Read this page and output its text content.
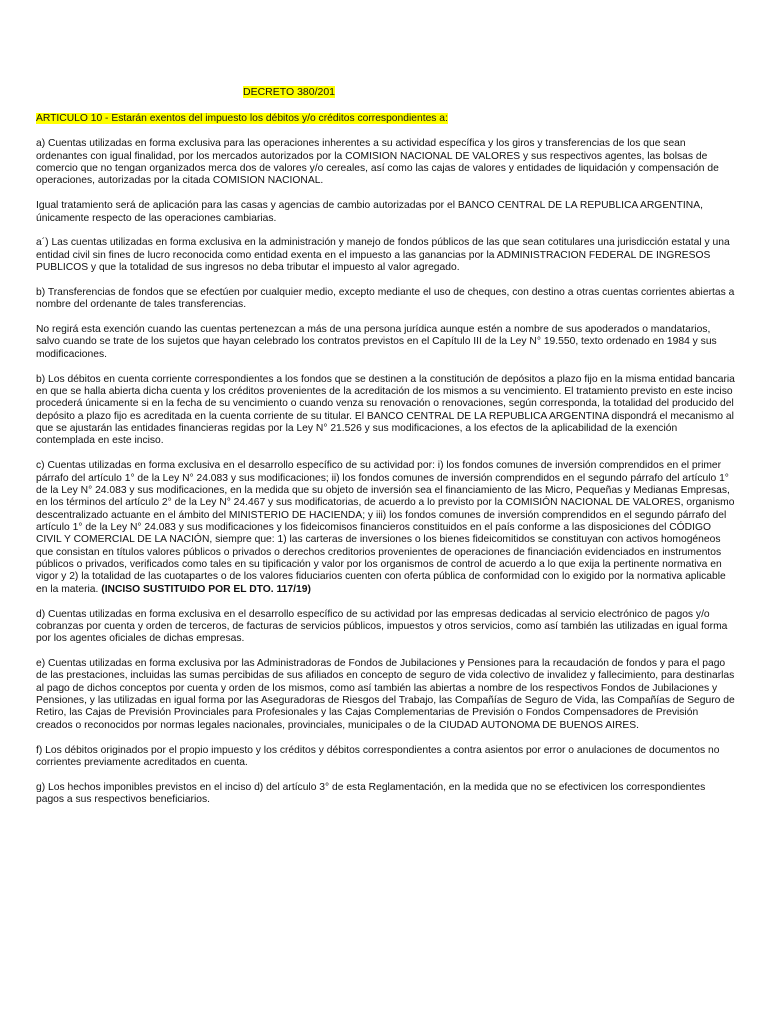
DECRETO 380/201

ARTICULO 10 - Estarán exentos del impuesto los débitos y/o créditos correspondientes a:

a) Cuentas utilizadas en forma exclusiva para las operaciones inherentes a su actividad específica y los giros y transferencias de los que sean ordenantes con igual finalidad, por los mercados autorizados por la COMISION NACIONAL DE VALORES y sus respectivos agentes, las bolsas de comercio que no tengan organizados merca dos de valores y/o cereales, así como las cajas de valores y entidades de liquidación y compensación de operaciones, autorizadas por la citada COMISION NACIONAL.

Igual tratamiento será de aplicación para las casas y agencias de cambio autorizadas por el BANCO CENTRAL DE LA REPUBLICA ARGENTINA, únicamente respecto de las operaciones cambiarias.

a´) Las cuentas utilizadas en forma exclusiva en la administración y manejo de fondos públicos de las que sean cotitulares una jurisdicción estatal y una entidad civil sin fines de lucro reconocida como entidad exenta en el impuesto a las ganancias por la ADMINISTRACION FEDERAL DE INGRESOS PUBLICOS y que la totalidad de sus ingresos no deba tributar el impuesto al valor agregado.

b) Transferencias de fondos que se efectúen por cualquier medio, excepto mediante el uso de cheques, con destino a otras cuentas corrientes abiertas a nombre del ordenante de tales transferencias.

No regirá esta exención cuando las cuentas pertenezcan a más de una persona jurídica aunque estén a nombre de sus apoderados o mandatarios, salvo cuando se trate de los sujetos que hayan celebrado los contratos previstos en el Capítulo III de la Ley N° 19.550, texto ordenado en 1984 y sus modificaciones.

b) Los débitos en cuenta corriente correspondientes a los fondos que se destinen a la constitución de depósitos a plazo fijo en la misma entidad bancaria en que se halla abierta dicha cuenta y los créditos provenientes de la acreditación de los mismos a su vencimiento. El tratamiento previsto en este inciso procederá únicamente si en la fecha de su vencimiento o cuando venza su renovación o renovaciones, según corresponda, la totalidad del producido del depósito a plazo fijo es acreditada en la cuenta corriente de su titular. El BANCO CENTRAL DE LA REPUBLICA ARGENTINA dispondrá el mecanismo al que se ajustarán las entidades financieras regidas por la Ley N° 21.526 y sus modificaciones, a los efectos de la aplicabilidad de la exención contemplada en este inciso.

c) Cuentas utilizadas en forma exclusiva en el desarrollo específico de su actividad por: i) los fondos comunes de inversión comprendidos en el primer párrafo del artículo 1° de la Ley N° 24.083 y sus modificaciones; ii) los fondos comunes de inversión comprendidos en el segundo párrafo del artículo 1° de la Ley N° 24.083 y sus modificaciones, en la medida que su objeto de inversión sea el financiamiento de las Micro, Pequeñas y Medianas Empresas, en los términos del artículo 2° de la Ley N° 24.467 y sus modificatorias, de acuerdo a lo previsto por la COMISIÓN NACIONAL DE VALORES, organismo descentralizado actuante en el ámbito del MINISTERIO DE HACIENDA; y iii) los fondos comunes de inversión comprendidos en el segundo párrafo del artículo 1° de la Ley N° 24.083 y sus modificaciones y los fideicomisos financieros constituidos en el país conforme a las disposiciones del CÓDIGO CIVIL Y COMERCIAL DE LA NACIÓN, siempre que: 1) las carteras de inversiones o los bienes fideicomitidos se constituyan con activos homogéneos que consistan en títulos valores públicos o privados o derechos creditorios provenientes de operaciones de financiación evidenciados en instrumentos públicos o privados, verificados como tales en su tipificación y valor por los organismos de control de acuerdo a lo que exija la pertinente normativa en vigor y 2) la totalidad de las cuotapartes o de los valores fiduciarios cuenten con oferta pública de conformidad con lo exigido por la normativa aplicable en la materia. (INCISO SUSTITUIDO POR EL DTO. 117/19)

d) Cuentas utilizadas en forma exclusiva en el desarrollo específico de su actividad por las empresas dedicadas al servicio electrónico de pagos y/o cobranzas por cuenta y orden de terceros, de facturas de servicios públicos, impuestos y otros servicios, como así también las utilizadas en igual forma por los agentes oficiales de dichas empresas.

e) Cuentas utilizadas en forma exclusiva por las Administradoras de Fondos de Jubilaciones y Pensiones para la recaudación de fondos y para el pago de las prestaciones, incluidas las sumas percibidas de sus afiliados en concepto de seguro de vida colectivo de invalidez y fallecimiento, para destinarlas al pago de dichos conceptos por cuenta y orden de los mismos, como así también las abiertas a nombre de los respectivos Fondos de Jubilaciones y Pensiones, y las utilizadas en igual forma por las Aseguradoras de Riesgos del Trabajo, las Compañías de Seguro de Vida, las Compañías de Seguro de Retiro, las Cajas de Previsión Provinciales para Profesionales y las Cajas Complementarias de Previsión o Fondos Compensadores de Previsión creados o reconocidos por normas legales nacionales, provinciales, municipales o de la CIUDAD AUTONOMA DE BUENOS AIRES.

f) Los débitos originados por el propio impuesto y los créditos y débitos correspondientes a contra asientos por error o anulaciones de documentos no corrientes previamente acreditados en cuenta.

g) Los hechos imponibles previstos en el inciso d) del artículo 3° de esta Reglamentación, en la medida que no se efectivicen los correspondientes pagos a sus respectivos beneficiarios.
